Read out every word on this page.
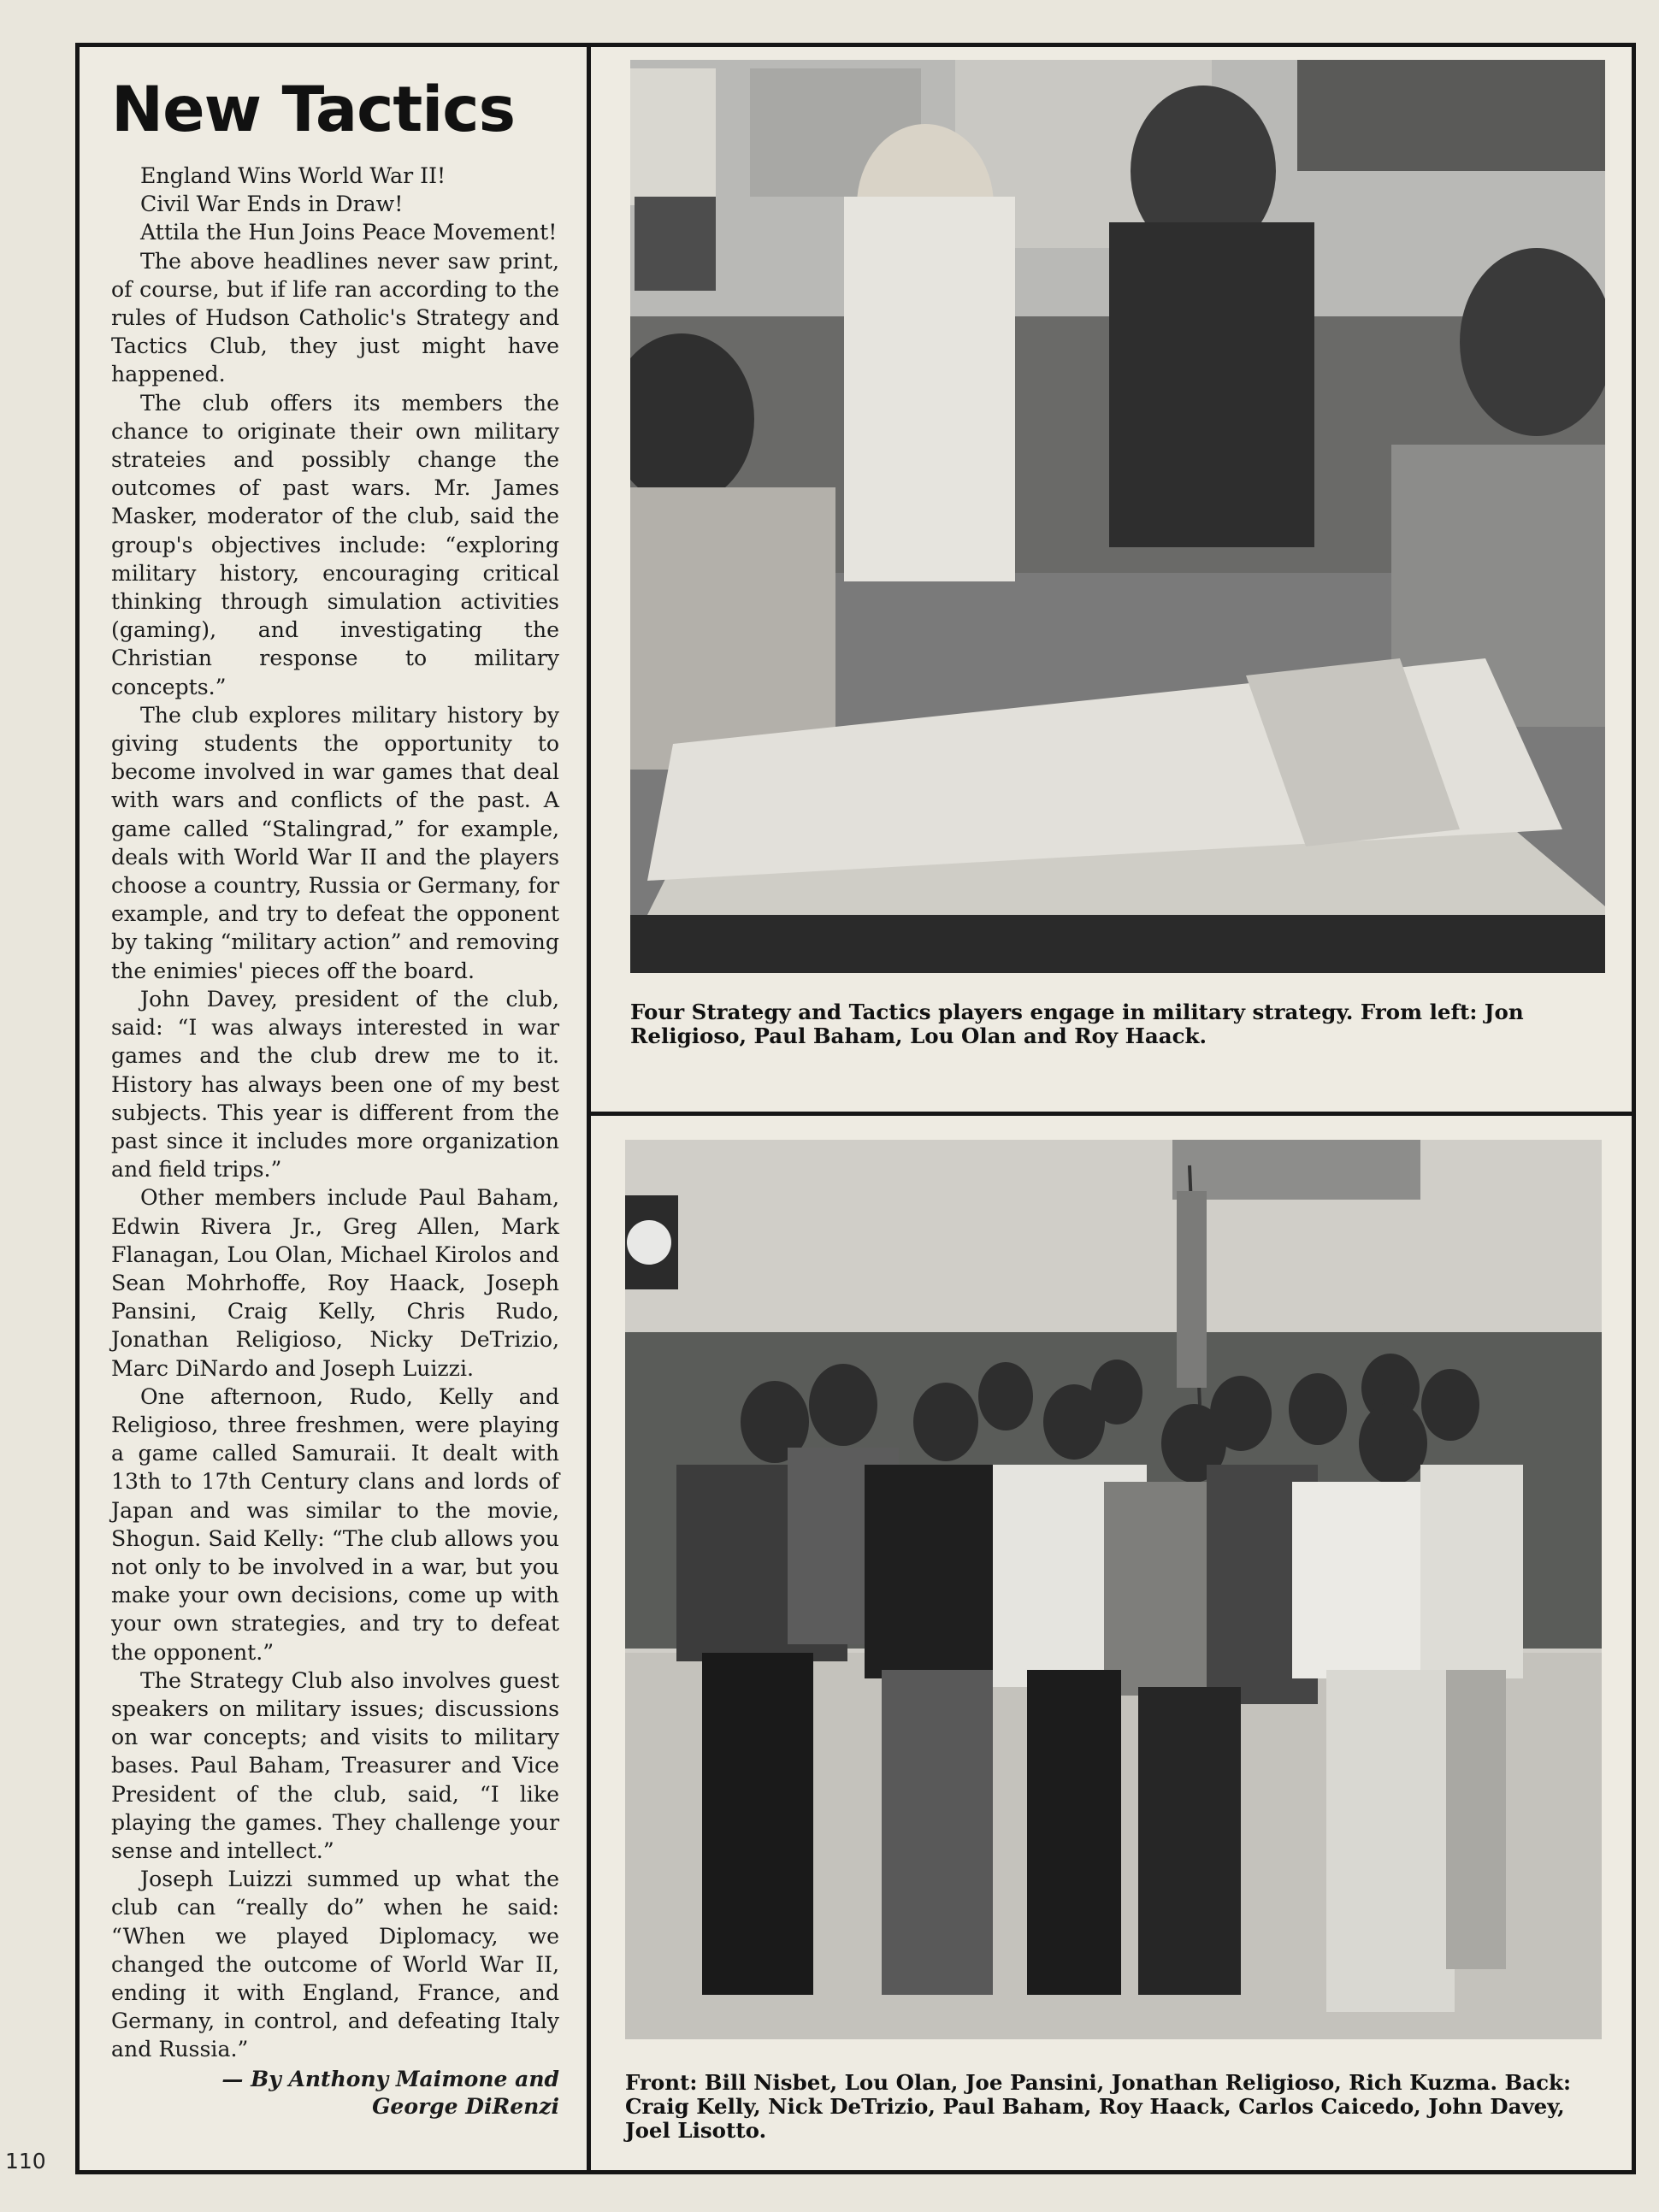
New Tactics

England Wins World War II!

Civil War Ends in Draw!

Attila the Hun Joins Peace Movement!

The above headlines never saw print, of course, but if life ran according to the rules of Hudson Catholic's Strategy and Tactics Club, they just might have happened.

The club offers its members the chance to originate their own military strateies and possibly change the outcomes of past wars. Mr. James Masker, moderator of the club, said the group's objectives include: “exploring military history, encouraging critical thinking through simulation activities (gaming), and investigating the Christian response to military concepts.”

The club explores military history by giving students the opportunity to become involved in war games that deal with wars and conflicts of the past. A game called “Stalingrad,” for example, deals with World War II and the players choose a country, Russia or Germany, for example, and try to defeat the opponent by taking “military action” and removing the enimies' pieces off the board.

John Davey, president of the club, said: “I was always interested in war games and the club drew me to it. History has always been one of my best subjects. This year is different from the past since it includes more organization and field trips.”

Other members include Paul Baham, Edwin Rivera Jr., Greg Allen, Mark Flanagan, Lou Olan, Michael Kirolos and Sean Mohrhoffe, Roy Haack, Joseph Pansini, Craig Kelly, Chris Rudo, Jonathan Religioso, Nicky DeTrizio, Marc DiNardo and Joseph Luizzi.

One afternoon, Rudo, Kelly and Religioso, three freshmen, were playing a game called Samuraii. It dealt with 13th to 17th Century clans and lords of Japan and was similar to the movie, Shogun. Said Kelly: “The club allows you not only to be involved in a war, but you make your own decisions, come up with your own strategies, and try to defeat the opponent.”

The Strategy Club also involves guest speakers on military issues; discussions on war concepts; and visits to military bases. Paul Baham, Treasurer and Vice President of the club, said, “I like playing the games. They challenge your sense and intellect.”

Joseph Luizzi summed up what the club can “really do” when he said: “When we played Diplomacy, we changed the outcome of World War II, ending it with England, France, and Germany, in control, and defeating Italy and Russia.”

— By Anthony Maimone and
George DiRenzi
Four Strategy and Tactics players engage in military strategy. From left: Jon Religioso, Paul Baham, Lou Olan and Roy Haack.
Front: Bill Nisbet, Lou Olan, Joe Pansini, Jonathan Religioso, Rich Kuzma. Back: Craig Kelly, Nick DeTrizio, Paul Baham, Roy Haack, Carlos Caicedo, John Davey, Joel Lisotto.
110
